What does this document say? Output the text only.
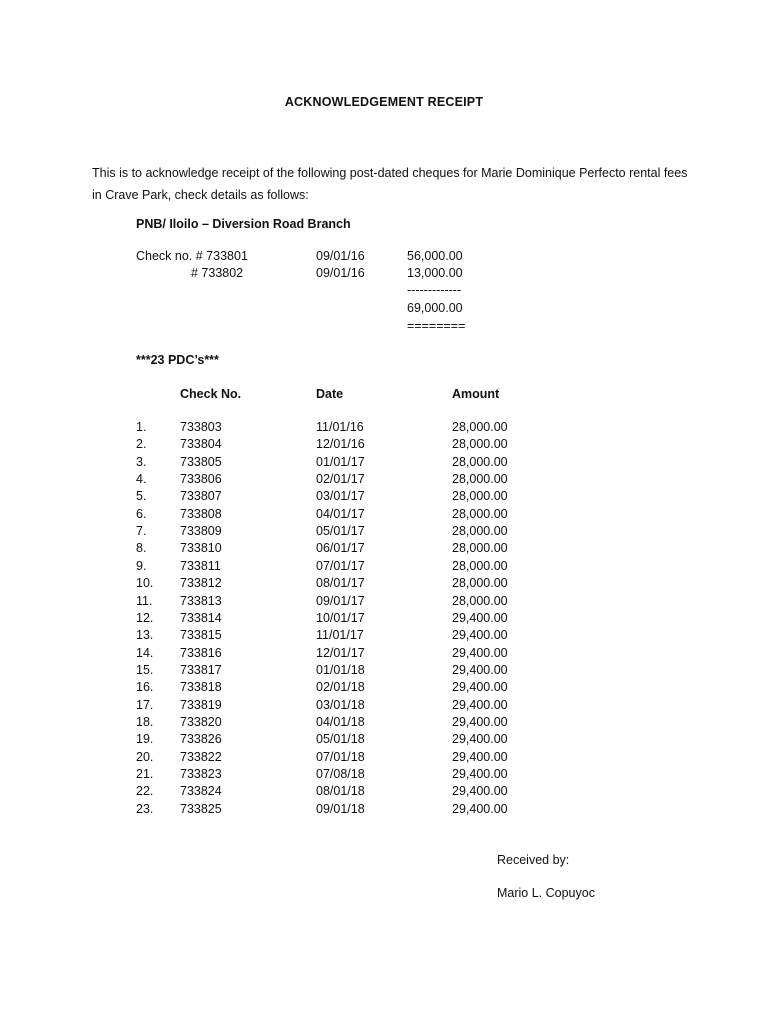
ACKNOWLEDGEMENT RECEIPT
This is to acknowledge receipt of the following post-dated cheques for Marie Dominique Perfecto rental fees in Crave Park, check details as follows:
PNB/ Iloilo – Diversion Road Branch
Check no. # 733801	09/01/16	56,000.00
# 733802	09/01/16	13,000.00
-------------
69,000.00
========
***23 PDC’s***
Check No.	Date	Amount
1.	733803	11/01/16	28,000.00
2.	733804	12/01/16	28,000.00
3.	733805	01/01/17	28,000.00
4.	733806	02/01/17	28,000.00
5.	733807	03/01/17	28,000.00
6.	733808	04/01/17	28,000.00
7.	733809	05/01/17	28,000.00
8.	733810	06/01/17	28,000.00
9.	733811	07/01/17	28,000.00
10. 733812	08/01/17	28,000.00
11. 733813	09/01/17	28,000.00
12. 733814	10/01/17	29,400.00
13. 733815	11/01/17	29,400.00
14. 733816	12/01/17	29,400.00
15. 733817	01/01/18	29,400.00
16. 733818	02/01/18	29,400.00
17. 733819	03/01/18	29,400.00
18. 733820	04/01/18	29,400.00
19. 733826	05/01/18	29,400.00
20. 733822	07/01/18	29,400.00
21. 733823	07/08/18	29,400.00
22. 733824	08/01/18	29,400.00
23. 733825	09/01/18	29,400.00
Received by:
Mario L. Copuyoc
